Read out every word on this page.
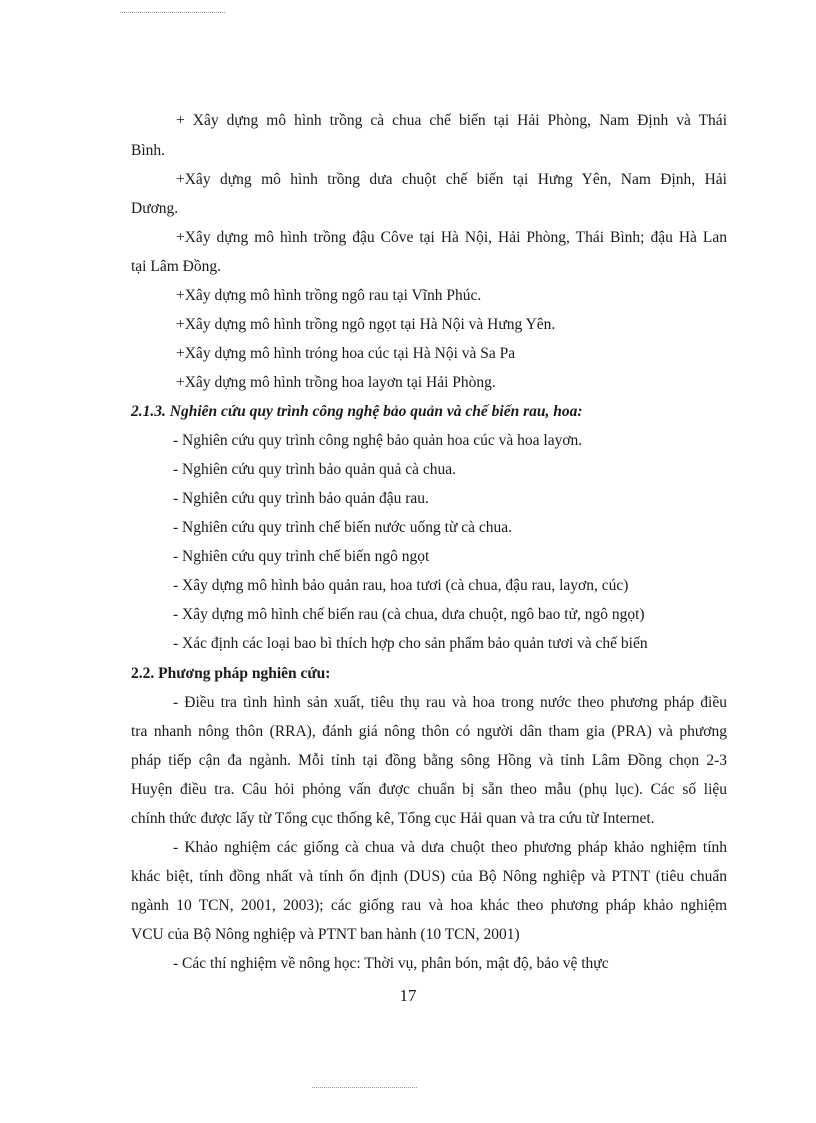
+ Xây dựng mô hình trồng cà chua chế biến tại Hải Phòng, Nam Định và Thái
Bình.
+Xây dựng mô hình trồng dưa chuột chế biến tại Hưng Yên, Nam Định, Hải
Dương.
+Xây dựng mô hình trồng đậu Côve tại Hà Nội, Hải Phòng, Thái Bình; đậu Hà Lan
tại Lâm Đồng.
+Xây dựng mô hình trồng ngô rau tại Vĩnh Phúc.
+Xây dựng mô hình trồng ngô ngọt tại Hà Nội và Hưng Yên.
+Xây dựng mô hình tróng hoa cúc tại Hà Nội và Sa Pa
+Xây dựng mô hình trồng hoa layơn tại Hải Phòng.
2.1.3. Nghiên cứu quy trình công nghệ bảo quản và chế biến rau, hoa:
- Nghiên cứu quy trình công nghệ bảo quản hoa cúc và hoa layơn.
- Nghiên cứu quy trình bảo quản quả cà chua.
- Nghiên cứu quy trình bảo quản đậu rau.
- Nghiên cứu quy trình chế biến nước uống từ cà chua.
- Nghiên cứu quy trình chế biến ngô ngọt
- Xây dựng mô hình bảo quản rau, hoa tươi (cà chua, đậu rau, layơn, cúc)
- Xây dựng mô hình chế biến rau (cà chua, dưa chuột, ngô bao tử, ngô ngọt)
- Xác định các loại bao bì thích hợp cho sản phẩm bảo quản tươi và chế biến
2.2. Phương pháp nghiên cứu:
- Điều tra tình hình sản xuất, tiêu thụ rau và hoa trong nước theo phương pháp điều
tra nhanh nông thôn (RRA), đánh giá nông thôn có người dân tham gia (PRA) và phương
pháp tiếp cận đa ngành. Mỗi tỉnh tại đồng bằng sông Hồng và tỉnh Lâm Đồng chọn 2-3
Huyện điều tra. Câu hỏi phỏng vấn được chuẩn bị sẵn theo mẫu (phụ lục). Các số liệu
chính thức được lấy từ Tổng cục thống kê, Tổng cục Hải quan và tra cứu từ Internet.
- Khảo nghiệm các giống cà chua và dưa chuột theo phương pháp khảo nghiệm tính
khác biệt, tính đồng nhất và tính ổn định (DUS) của Bộ Nông nghiệp và PTNT (tiêu chuẩn
ngành 10 TCN, 2001, 2003); các giống rau và hoa khác theo phương pháp khảo nghiệm
VCU của Bộ Nông nghiệp và PTNT ban hành (10 TCN, 2001)
- Các thí nghiệm về nông học: Thời vụ, phân bón, mật độ, bảo vệ thực
17
